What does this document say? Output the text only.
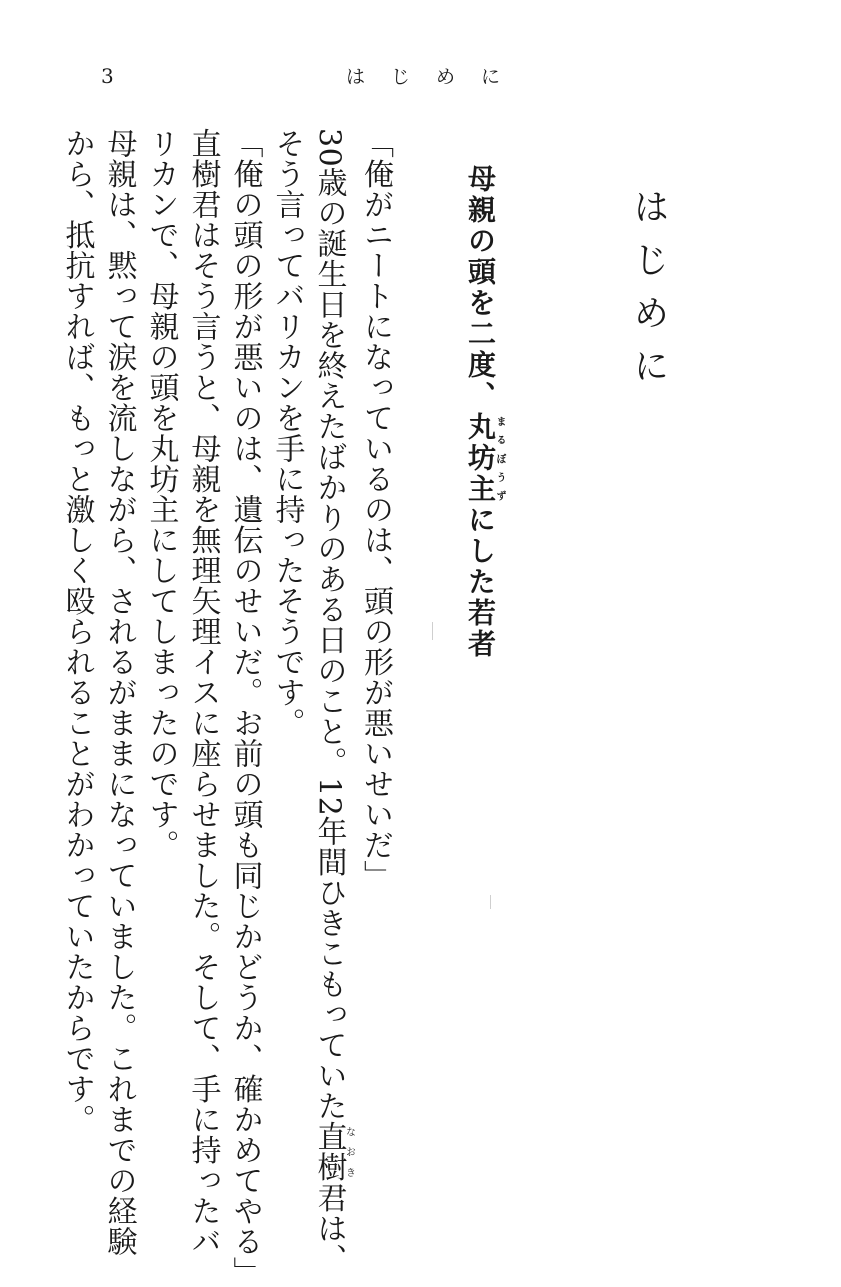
3	はじめに
はじめに
母親の頭を二度、丸坊主まるぼうずにした若者

「俺がニートになっているのは、頭の形が悪いせいだ」

30歳の誕生日を終えたばかりのある日のこと。12年間ひきこもっていた直樹なおき君は、

そう言ってバリカンを手に持ったそうです。

「俺の頭の形が悪いのは、遺伝のせいだ。お前の頭も同じかどうか、確かめてやる」

直樹君はそう言うと、母親を無理矢理イスに座らせました。そして、手に持ったバ

リカンで、母親の頭を丸坊主にしてしまったのです。

母親は、黙って涙を流しながら、されるがままになっていました。これまでの経験

から、抵抗すれば、もっと激しく殴られることがわかっていたからです。
